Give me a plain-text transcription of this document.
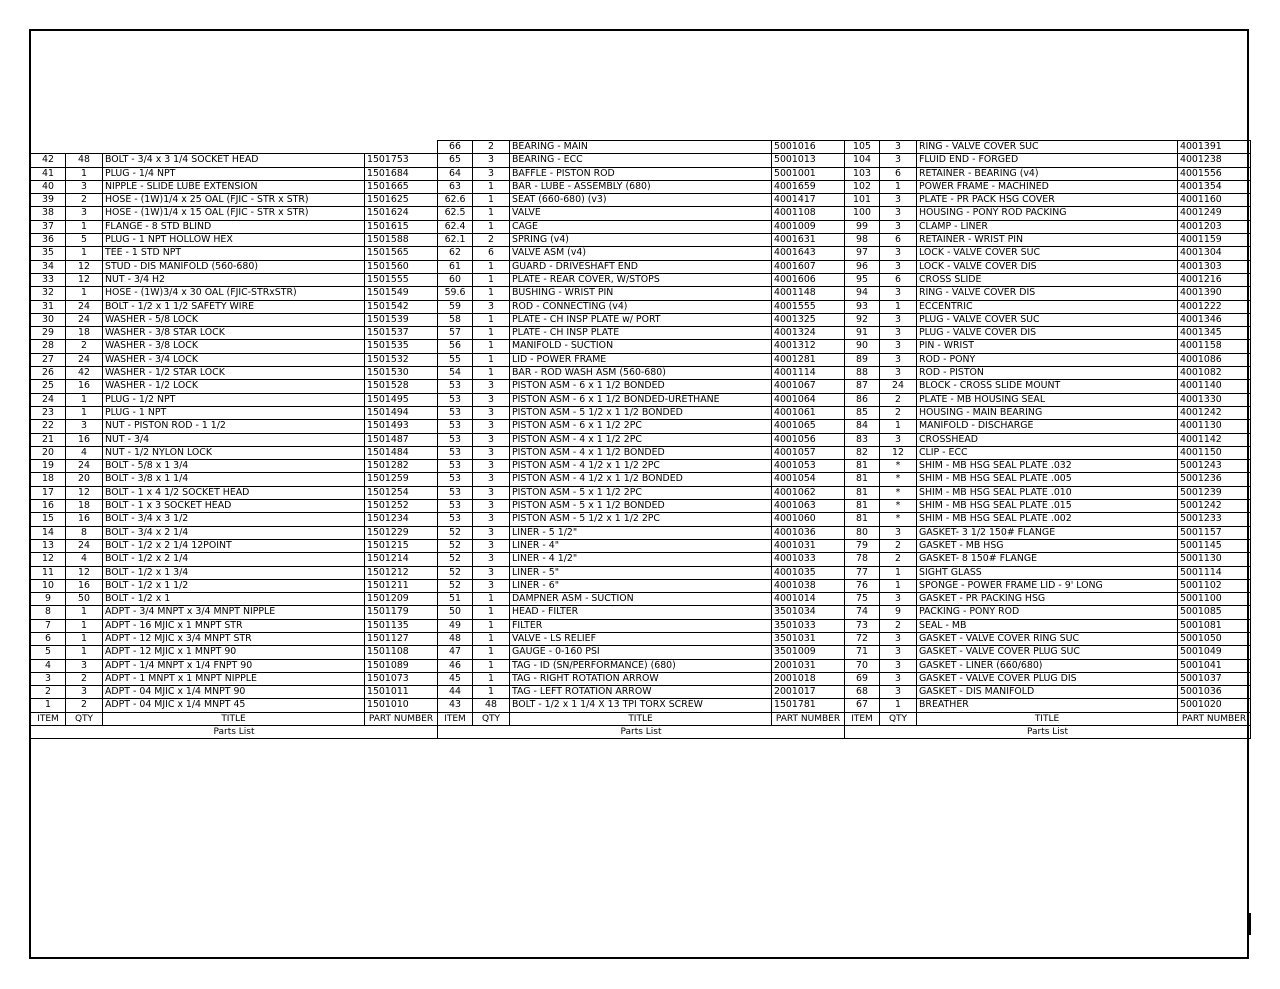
42	48	BOLT - 3/4 x 3 1/4 SOCKET HEAD	1501753
41	1	PLUG - 1/4 NPT	1501684
40	3	NIPPLE - SLIDE LUBE EXTENSION	1501665
39	2	HOSE - (1W)1/4 x 25 OAL (FJIC - STR x STR)	1501625
38	3	HOSE - (1W)1/4 x 15 OAL (FJIC - STR x STR)	1501624
37	1	FLANGE - 8 STD BLIND	1501615
36	5	PLUG - 1 NPT HOLLOW HEX	1501588
35	1	TEE - 1 STD NPT	1501565
34	12	STUD - DIS MANIFOLD (560-680)	1501560
33	12	NUT - 3/4 H2	1501555
32	1	HOSE - (1W)3/4 x 30 OAL (FJIC-STRxSTR)	1501549
31	24	BOLT - 1/2 x 1 1/2 SAFETY WIRE	1501542
30	24	WASHER - 5/8 LOCK	1501539
29	18	WASHER - 3/8 STAR LOCK	1501537
28	2	WASHER - 3/8 LOCK	1501535
27	24	WASHER - 3/4 LOCK	1501532
26	42	WASHER - 1/2 STAR LOCK	1501530
25	16	WASHER - 1/2 LOCK	1501528
24	1	PLUG - 1/2 NPT	1501495
23	1	PLUG - 1 NPT	1501494
22	3	NUT - PISTON ROD - 1 1/2	1501493
21	16	NUT - 3/4	1501487
20	4	NUT - 1/2 NYLON LOCK	1501484
19	24	BOLT - 5/8 x 1 3/4	1501282
18	20	BOLT - 3/8 x 1 1/4	1501259
17	12	BOLT - 1 x 4 1/2 SOCKET HEAD	1501254
16	18	BOLT - 1 x 3 SOCKET HEAD	1501252
15	16	BOLT - 3/4 x 3 1/2	1501234
14	8	BOLT - 3/4 x 2 1/4	1501229
13	24	BOLT - 1/2 x 2 1/4 12POINT	1501215
12	4	BOLT - 1/2 x 2 1/4	1501214
11	12	BOLT - 1/2 x 1 3/4	1501212
10	16	BOLT - 1/2 x 1 1/2	1501211
9	50	BOLT - 1/2 x 1	1501209
8	1	ADPT - 3/4 MNPT x 3/4 MNPT NIPPLE	1501179
7	1	ADPT - 16 MJIC x 1 MNPT STR	1501135
6	1	ADPT - 12 MJIC x 3/4 MNPT STR	1501127
5	1	ADPT - 12 MJIC x 1 MNPT 90	1501108
4	3	ADPT - 1/4 MNPT x 1/4 FNPT 90	1501089
3	2	ADPT - 1 MNPT x 1 MNPT NIPPLE	1501073
2	3	ADPT - 04 MJIC x 1/4 MNPT 90	1501011
1	2	ADPT - 04 MJIC x 1/4 MNPT 45	1501010
ITEM	QTY	TITLE	PART NUMBER
Parts List			
66	2	BEARING - MAIN	5001016
65	3	BEARING - ECC	5001013
64	3	BAFFLE - PISTON ROD	5001001
63	1	BAR - LUBE - ASSEMBLY (680)	4001659
62.6	1	SEAT (660-680) (v3)	4001417
62.5	1	VALVE	4001108
62.4	1	CAGE	4001009
62.1	2	SPRING (v4)	4001631
62	6	VALVE ASM (v4)	4001643
61	1	GUARD - DRIVESHAFT END	4001607
60	1	PLATE - REAR COVER, W/STOPS	4001606
59.6	1	BUSHING - WRIST PIN	4001148
59	3	ROD - CONNECTING (v4)	4001555
58	1	PLATE - CH INSP PLATE w/ PORT	4001325
57	1	PLATE - CH INSP PLATE	4001324
56	1	MANIFOLD - SUCTION	4001312
55	1	LID - POWER FRAME	4001281
54	1	BAR - ROD WASH ASM (560-680)	4001114
53	3	PISTON ASM - 6 x 1 1/2 BONDED	4001067
53	3	PISTON ASM - 6 x 1 1/2 BONDED-URETHANE	4001064
53	3	PISTON ASM - 5 1/2 x 1 1/2 BONDED	4001061
53	3	PISTON ASM - 6 x 1 1/2 2PC	4001065
53	3	PISTON ASM - 4 x 1 1/2 2PC	4001056
53	3	PISTON ASM - 4 x 1 1/2 BONDED	4001057
53	3	PISTON ASM - 4 1/2 x 1 1/2 2PC	4001053
53	3	PISTON ASM - 4 1/2 x 1 1/2 BONDED	4001054
53	3	PISTON ASM - 5 x 1 1/2 2PC	4001062
53	3	PISTON ASM - 5 x 1 1/2 BONDED	4001063
53	3	PISTON ASM - 5 1/2 x 1 1/2 2PC	4001060
52	3	LINER - 5 1/2"	4001036
52	3	LINER - 4"	4001031
52	3	LINER - 4 1/2"	4001033
52	3	LINER - 5"	4001035
52	3	LINER - 6"	4001038
51	1	DAMPNER ASM - SUCTION	4001014
50	1	HEAD - FILTER	3501034
49	1	FILTER	3501033
48	1	VALVE - LS RELIEF	3501031
47	1	GAUGE - 0-160 PSI	3501009
46	1	TAG - ID (SN/PERFORMANCE) (680)	2001031
45	1	TAG - RIGHT ROTATION ARROW	2001018
44	1	TAG - LEFT ROTATION ARROW	2001017
43	48	BOLT - 1/2 x 1 1/4 X 13 TPI TORX SCREW	1501781
ITEM	QTY	TITLE	PART NUMBER
Parts List			
105	3	RING - VALVE COVER SUC	4001391
104	3	FLUID END - FORGED	4001238
103	6	RETAINER - BEARING (v4)	4001556
102	1	POWER FRAME - MACHINED	4001354
101	3	PLATE - PR PACK HSG COVER	4001160
100	3	HOUSING - PONY ROD PACKING	4001249
99	3	CLAMP - LINER	4001203
98	6	RETAINER - WRIST PIN	4001159
97	3	LOCK - VALVE COVER SUC	4001304
96	3	LOCK - VALVE COVER DIS	4001303
95	6	CROSS SLIDE	4001216
94	3	RING - VALVE COVER DIS	4001390
93	1	ECCENTRIC	4001222
92	3	PLUG - VALVE COVER SUC	4001346
91	3	PLUG - VALVE COVER DIS	4001345
90	3	PIN - WRIST	4001158
89	3	ROD - PONY	4001086
88	3	ROD - PISTON	4001082
87	24	BLOCK - CROSS SLIDE MOUNT	4001140
86	2	PLATE - MB HOUSING SEAL	4001330
85	2	HOUSING - MAIN BEARING	4001242
84	1	MANIFOLD - DISCHARGE	4001130
83	3	CROSSHEAD	4001142
82	12	CLIP - ECC	4001150
81	*	SHIM - MB HSG SEAL PLATE .032	5001243
81	*	SHIM - MB HSG SEAL PLATE .005	5001236
81	*	SHIM - MB HSG SEAL PLATE .010	5001239
81	*	SHIM - MB HSG SEAL PLATE .015	5001242
81	*	SHIM - MB HSG SEAL PLATE .002	5001233
80	3	GASKET- 3 1/2 150# FLANGE	5001157
79	2	GASKET - MB HSG	5001145
78	2	GASKET- 8 150# FLANGE	5001130
77	1	SIGHT GLASS	5001114
76	1	SPONGE - POWER FRAME LID - 9' LONG	5001102
75	3	GASKET - PR PACKING HSG	5001100
74	9	PACKING - PONY ROD	5001085
73	2	SEAL - MB	5001081
72	3	GASKET - VALVE COVER RING SUC	5001050
71	3	GASKET - VALVE COVER PLUG SUC	5001049
70	3	GASKET - LINER (660/680)	5001041
69	3	GASKET - VALVE COVER PLUG DIS	5001037
68	3	GASKET - DIS MANIFOLD	5001036
67	1	BREATHER	5001020
ITEM	QTY	TITLE	PART NUMBER
Parts List			
